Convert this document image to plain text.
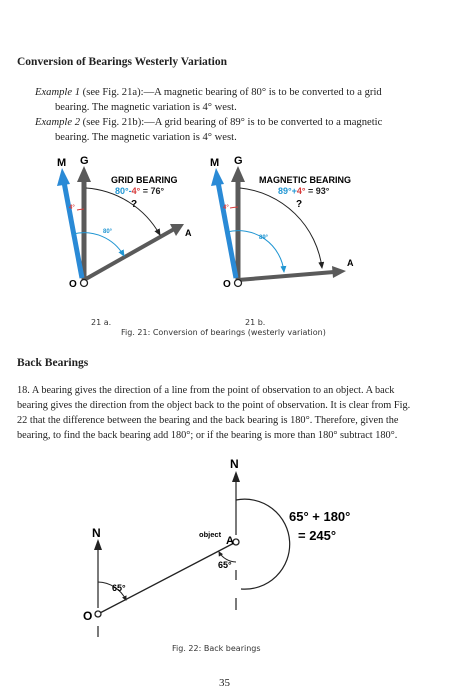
Conversion of Bearings Westerly Variation
Example 1 (see Fig. 21a):—A magnetic bearing of 80° is to be converted to a grid
bearing. The magnetic variation is 4° west.
Example 2 (see Fig. 21b):—A grid bearing of 89° is to be converted to a magnetic
bearing. The magnetic variation is 4° west.
M G
GRID BEARING
80°-4° = 76°
?
4°
80°
O
A
M G
MAGNETIC BEARING
89°+4° = 93°
?
4°
89°
O
A
N
N	object
A
O
65° + 180°
= 245°
65°
65°
21 a.	21 b.
Fig. 21: Conversion of bearings (westerly variation)
Back Bearings
18. A bearing gives the direction of a line from the point of observation to an object. A back
bearing gives the direction from the object back to the point of observation. It is clear from Fig.
22 that the difference between the bearing and the back bearing is 180°. Therefore, given the
bearing, to find the back bearing add 180°; or if the bearing is more than 180° subtract 180°.
Fig. 22: Back bearings
35
